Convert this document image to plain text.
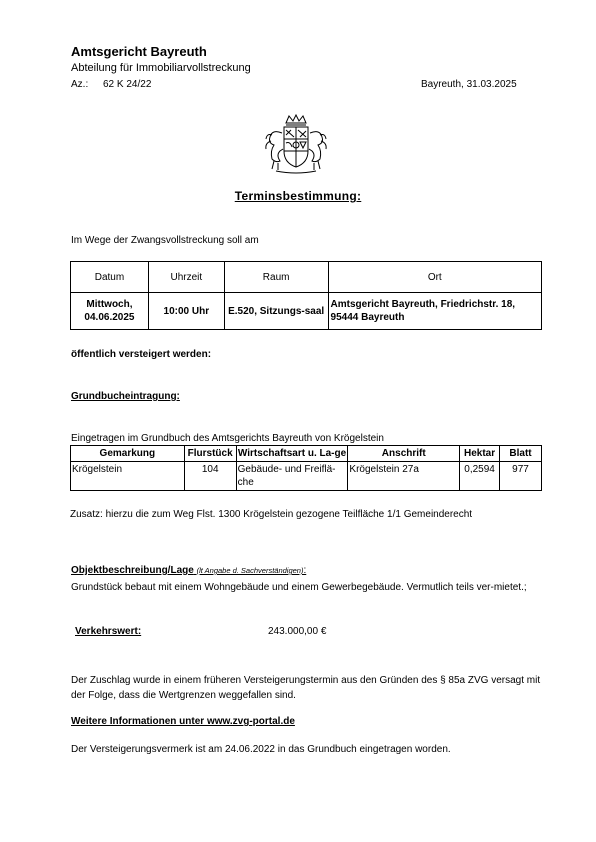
Amtsgericht Bayreuth
Abteilung für Immobiliarvollstreckung
Az.: 62 K 24/22	Bayreuth, 31.03.2025
Terminsbestimmung:
Im Wege der Zwangsvollstreckung soll am
Datum	Uhrzeit	Raum	Ort
Mittwoch, 04.06.2025	10:00 Uhr	E.520, Sitzungs-saal	Amtsgericht Bayreuth, Friedrichstr. 18, 95444 Bayreuth
öffentlich versteigert werden:
Grundbucheintragung:
Eingetragen im Grundbuch des Amtsgerichts Bayreuth von Krögelstein
Gemarkung	Flurstück	Wirtschaftsart u. La-ge	Anschrift	Hektar	Blatt
Krögelstein	104	Gebäude- und Freiflä-che	Krögelstein 27a	0,2594	977
Zusatz: hierzu die zum Weg Flst. 1300 Krögelstein gezogene Teilfläche 1/1 Gemeinderecht
Objektbeschreibung/Lage (lt Angabe d. Sachverständigen):
Grundstück bebaut mit einem Wohngebäude und einem Gewerbegebäude. Vermutlich teils ver-mietet.;
Verkehrswert:	243.000,00 €
Der Zuschlag wurde in einem früheren Versteigerungstermin aus den Gründen des § 85a ZVG versagt mit der Folge, dass die Wertgrenzen weggefallen sind.
Weitere Informationen unter www.zvg-portal.de
Der Versteigerungsvermerk ist am 24.06.2022 in das Grundbuch eingetragen worden.
